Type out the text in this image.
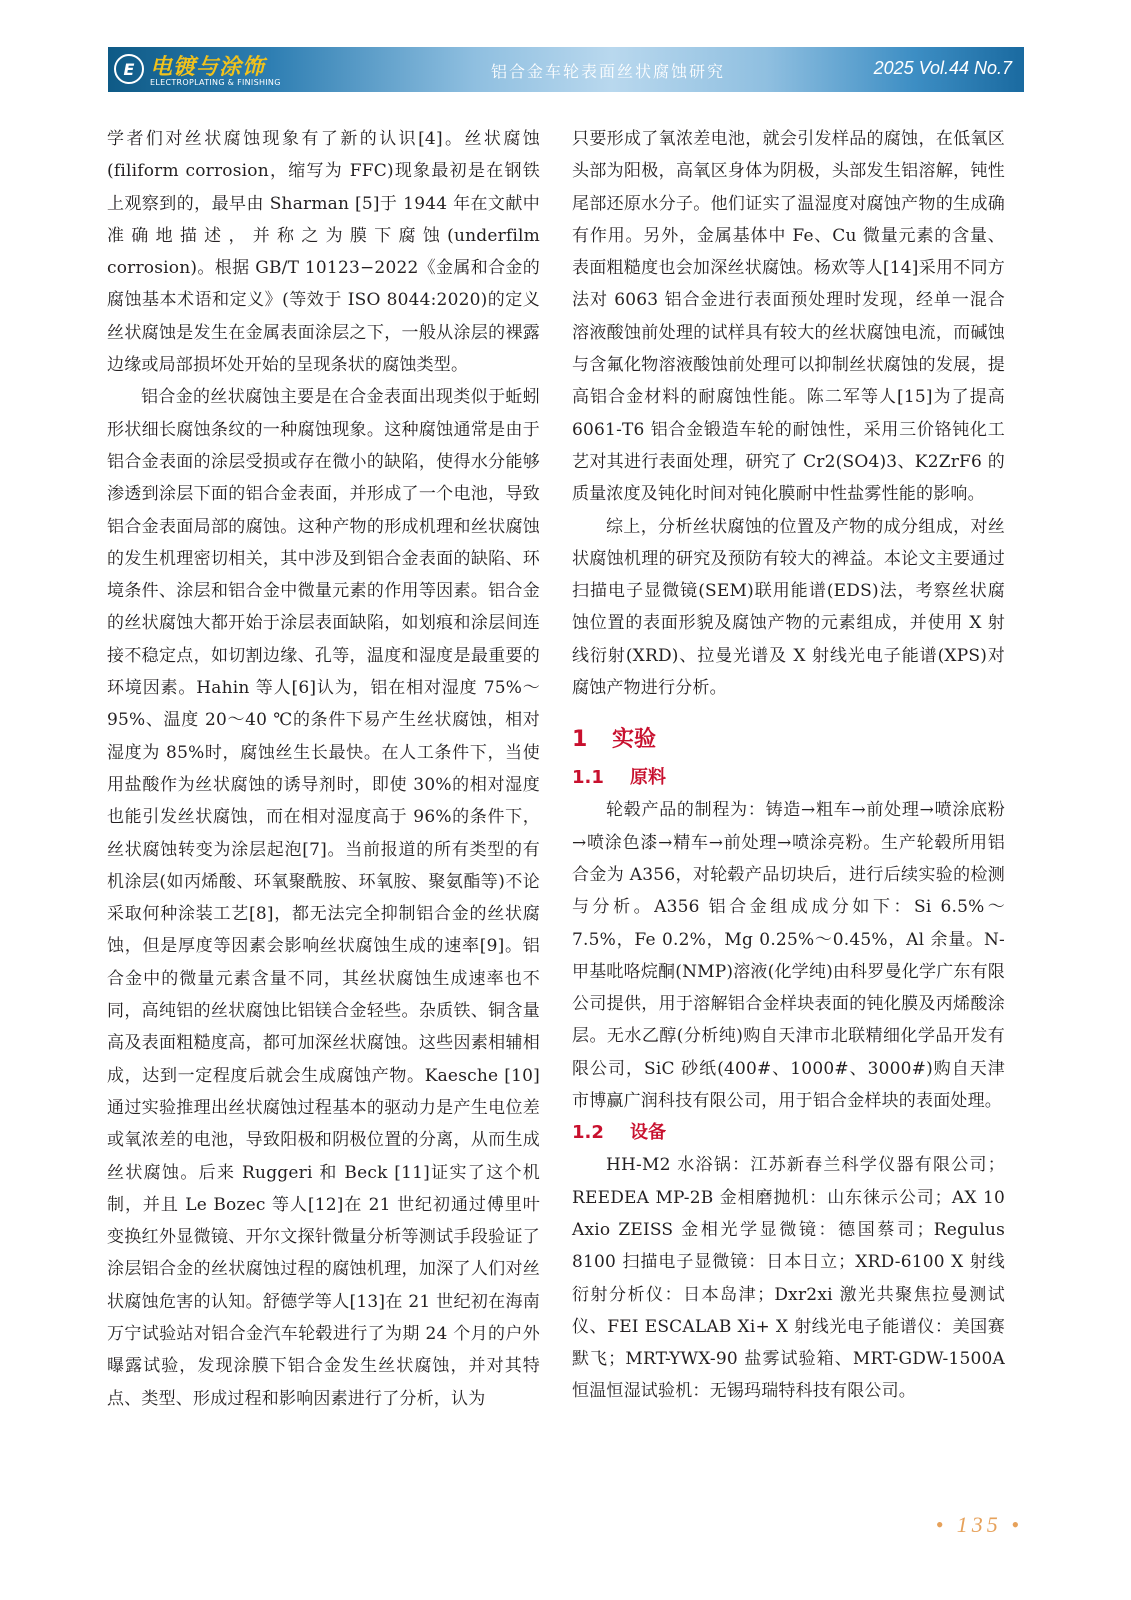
E 电镀与涂饰
ELECTROPLATING & FINISHING
铝合金车轮表面丝状腐蚀研究	2025 Vol.44 No.7

学者们对丝状腐蚀现象有了新的认识[4]。丝状腐蚀(filiform corrosion，缩写为 FFC)现象最初是在钢铁上观察到的，最早由 Sharman [5]于 1944 年在文献中准确地描述，并称之为膜下腐蚀(underfilm corrosion)。根据 GB/T 10123−2022《金属和合金的腐蚀基本术语和定义》(等效于 ISO 8044:2020)的定义丝状腐蚀是发生在金属表面涂层之下，一般从涂层的裸露边缘或局部损坏处开始的呈现条状的腐蚀类型。

铝合金的丝状腐蚀主要是在合金表面出现类似于蚯蚓形状细长腐蚀条纹的一种腐蚀现象。这种腐蚀通常是由于铝合金表面的涂层受损或存在微小的缺陷，使得水分能够渗透到涂层下面的铝合金表面，并形成了一个电池，导致铝合金表面局部的腐蚀。这种产物的形成机理和丝状腐蚀的发生机理密切相关，其中涉及到铝合金表面的缺陷、环境条件、涂层和铝合金中微量元素的作用等因素。铝合金的丝状腐蚀大都开始于涂层表面缺陷，如划痕和涂层间连接不稳定点，如切割边缘、孔等，温度和湿度是最重要的环境因素。Hahin 等人[6]认为，铝在相对湿度 75%～95%、温度 20～40 ℃的条件下易产生丝状腐蚀，相对湿度为 85%时，腐蚀丝生长最快。在人工条件下，当使用盐酸作为丝状腐蚀的诱导剂时，即使 30%的相对湿度也能引发丝状腐蚀，而在相对湿度高于 96%的条件下，丝状腐蚀转变为涂层起泡[7]。当前报道的所有类型的有机涂层(如丙烯酸、环氧聚酰胺、环氧胺、聚氨酯等)不论采取何种涂装工艺[8]，都无法完全抑制铝合金的丝状腐蚀，但是厚度等因素会影响丝状腐蚀生成的速率[9]。铝合金中的微量元素含量不同，其丝状腐蚀生成速率也不同，高纯铝的丝状腐蚀比铝镁合金轻些。杂质铁、铜含量高及表面粗糙度高，都可加深丝状腐蚀。这些因素相辅相成，达到一定程度后就会生成腐蚀产物。Kaesche [10]通过实验推理出丝状腐蚀过程基本的驱动力是产生电位差或氧浓差的电池，导致阳极和阴极位置的分离，从而生成丝状腐蚀。后来 Ruggeri 和 Beck [11]证实了这个机制，并且 Le Bozec 等人[12]在 21 世纪初通过傅里叶变换红外显微镜、开尔文探针微量分析等测试手段验证了涂层铝合金的丝状腐蚀过程的腐蚀机理，加深了人们对丝状腐蚀危害的认知。舒德学等人[13]在 21 世纪初在海南万宁试验站对铝合金汽车轮毂进行了为期 24 个月的户外曝露试验，发现涂膜下铝合金发生丝状腐蚀，并对其特点、类型、形成过程和影响因素进行了分析，认为

只要形成了氧浓差电池，就会引发样品的腐蚀，在低氧区头部为阳极，高氧区身体为阴极，头部发生铝溶解，钝性尾部还原水分子。他们证实了温湿度对腐蚀产物的生成确有作用。另外，金属基体中 Fe、Cu 微量元素的含量、表面粗糙度也会加深丝状腐蚀。杨欢等人[14]采用不同方法对 6063 铝合金进行表面预处理时发现，经单一混合溶液酸蚀前处理的试样具有较大的丝状腐蚀电流，而碱蚀与含氟化物溶液酸蚀前处理可以抑制丝状腐蚀的发展，提高铝合金材料的耐腐蚀性能。陈二军等人[15]为了提高 6061-T6 铝合金锻造车轮的耐蚀性，采用三价铬钝化工艺对其进行表面处理，研究了 Cr2(SO4)3、K2ZrF6 的质量浓度及钝化时间对钝化膜耐中性盐雾性能的影响。

综上，分析丝状腐蚀的位置及产物的成分组成，对丝状腐蚀机理的研究及预防有较大的裨益。本论文主要通过扫描电子显微镜(SEM)联用能谱(EDS)法，考察丝状腐蚀位置的表面形貌及腐蚀产物的元素组成，并使用 X 射线衍射(XRD)、拉曼光谱及 X 射线光电子能谱(XPS)对腐蚀产物进行分析。

1 实验
1.1 原料

轮毂产品的制程为：铸造→粗车→前处理→喷涂底粉→喷涂色漆→精车→前处理→喷涂亮粉。生产轮毂所用铝合金为 A356，对轮毂产品切块后，进行后续实验的检测与分析。A356 铝合金组成成分如下：Si 6.5%～7.5%，Fe 0.2%，Mg 0.25%～0.45%，Al 余量。N-甲基吡咯烷酮(NMP)溶液(化学纯)由科罗曼化学广东有限公司提供，用于溶解铝合金样块表面的钝化膜及丙烯酸涂层。无水乙醇(分析纯)购自天津市北联精细化学品开发有限公司，SiC 砂纸(400#、1000#、3000#)购自天津市博赢广润科技有限公司，用于铝合金样块的表面处理。

1.2 设备

HH-M2 水浴锅：江苏新春兰科学仪器有限公司；REEDEA MP-2B 金相磨抛机：山东徕示公司；AX 10 Axio ZEISS 金相光学显微镜：德国蔡司；Regulus 8100 扫描电子显微镜：日本日立；XRD-6100 X 射线衍射分析仪：日本岛津；Dxr2xi 激光共聚焦拉曼测试仪、FEI ESCALAB Xi+ X 射线光电子能谱仪：美国赛默飞；MRT-YWX-90 盐雾试验箱、MRT-GDW-1500A 恒温恒湿试验机：无锡玛瑞特科技有限公司。

• 135 •
